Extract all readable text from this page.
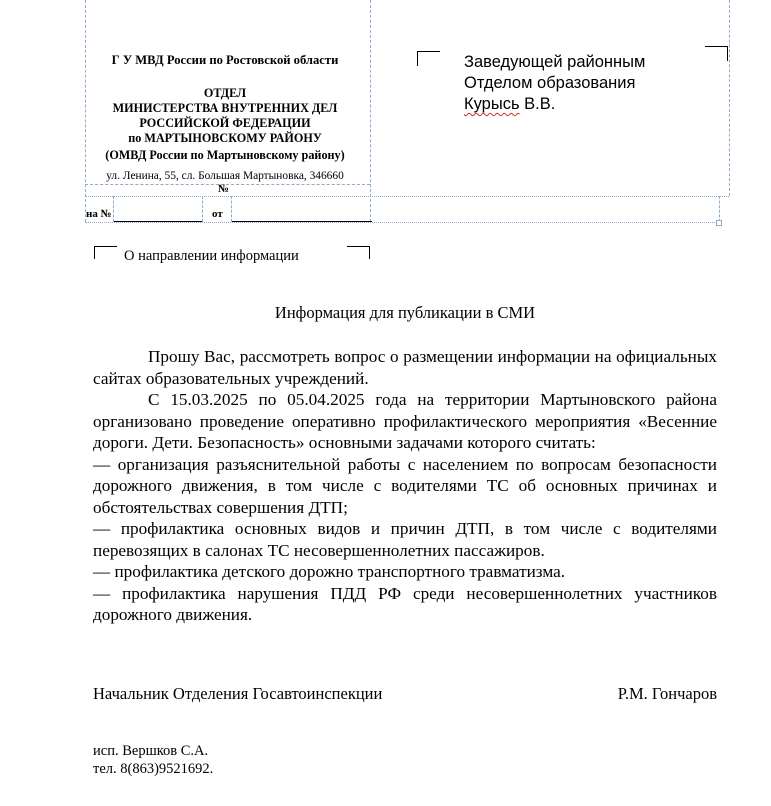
Г У МВД России по Ростовской области
ОТДЕЛ
МИНИСТЕРСТВА ВНУТРЕННИХ ДЕЛ
РОССИЙСКОЙ ФЕДЕРАЦИИ
по МАРТЫНОВСКОМУ РАЙОНУ
(ОМВД России по Мартыновскому району)
ул. Ленина, 55, сл. Большая Мартыновка, 346660
№
на №	от
Заведующей районным
Отделом образования
Курысь В.В.
О направлении информации
Информация для публикации в СМИ

Прошу Вас, рассмотреть вопрос о размещении информации на официальных сайтах образовательных учреждений.

С 15.03.2025 по 05.04.2025 года на территории Мартыновского района организовано проведение оперативно профилактического мероприятия «Весенние дороги. Дети. Безопасность» основными задачами которого считать:

— организация разъяснительной работы с населением по вопросам безопасности дорожного движения, в том числе с водителями ТС об основных причинах и обстоятельствах совершения ДТП;

— профилактика основных видов и причин ДТП, в том числе с водителями перевозящих в салонах ТС несовершеннолетних пассажиров.

— профилактика детского дорожно транспортного травматизма.

— профилактика нарушения ПДД РФ среди несовершеннолетних участников дорожного движения.

Начальник Отделения Госавтоинспекции	Р.М. Гончаров
исп. Вершков С.А.
тел. 8(863)9521692.
